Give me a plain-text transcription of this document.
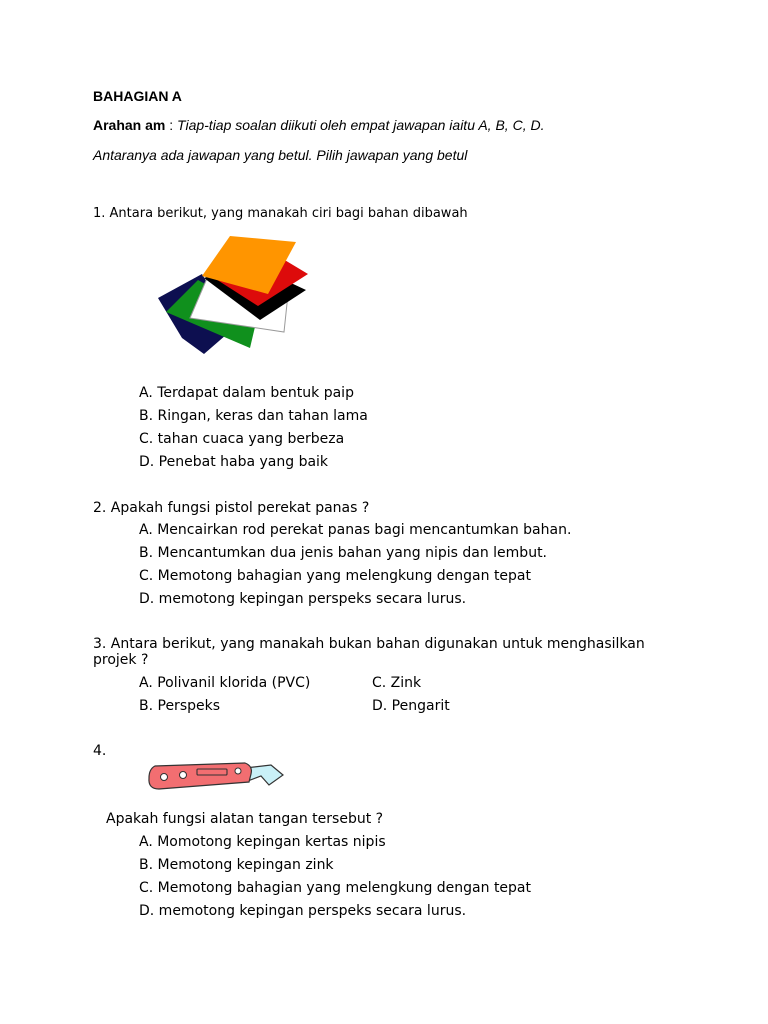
BAHAGIAN A
Arahan am : Tiap-tiap soalan diikuti oleh empat jawapan iaitu A, B, C, D.
Antaranya ada jawapan yang betul. Pilih jawapan yang betul
1. Antara berikut, yang manakah ciri bagi bahan dibawah
A. Terdapat dalam bentuk paip
B. Ringan, keras dan tahan lama
C. tahan cuaca yang berbeza
D. Penebat haba yang baik
2. Apakah fungsi pistol perekat panas ?
A. Mencairkan rod perekat panas bagi mencantumkan bahan.
B. Mencantumkan dua jenis bahan yang nipis dan lembut.
C. Memotong bahagian yang melengkung dengan tepat
D. memotong kepingan perspeks secara lurus.
3. Antara berikut, yang manakah bukan bahan digunakan untuk menghasilkan
projek ?
A. Polivanil klorida (PVC)	C. Zink
B. Perspeks	D. Pengarit
4.
Apakah fungsi alatan tangan tersebut ?
A. Momotong kepingan kertas nipis
B. Memotong kepingan zink
C. Memotong bahagian yang melengkung dengan tepat
D. memotong kepingan perspeks secara lurus.
